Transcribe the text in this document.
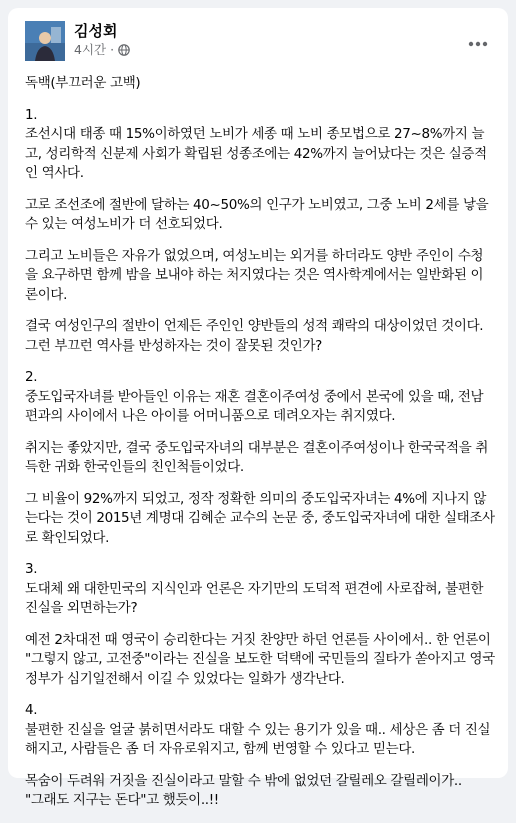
김성회
4시간 ·

독백(부끄러운 고백)

1.

조선시대 태종 때 15%이하였던 노비가 세종 때 노비 종모법으로 27~8%까지 늘고, 성리학적 신분제 사회가 확립된 성종조에는 42%까지 늘어났다는 것은 실증적인 역사다.

고로 조선조에 절반에 달하는 40~50%의 인구가 노비였고, 그중 노비 2세를 낳을 수 있는 여성노비가 더 선호되었다.

그리고 노비들은 자유가 없었으며, 여성노비는 외거를 하더라도 양반 주인이 수청을 요구하면 함께 밤을 보내야 하는 처지였다는 것은 역사학계에서는 일반화된 이론이다.

결국 여성인구의 절반이 언제든 주인인 양반들의 성적 쾌락의 대상이었던 것이다. 그런 부끄런 역사를 반성하자는 것이 잘못된 것인가?

2.

중도입국자녀를 받아들인 이유는 재혼 결혼이주여성 중에서 본국에 있을 때, 전남편과의 사이에서 나은 아이를 어머니품으로 데려오자는 취지였다.

취지는 좋았지만, 결국 중도입국자녀의 대부분은 결혼이주여성이나 한국국적을 취득한 귀화 한국인들의 친인척들이었다.

그 비율이 92%까지 되었고, 정작 정확한 의미의 중도입국자녀는 4%에 지나지 않는다는 것이 2015년 계명대 김혜순 교수의 논문 중, 중도입국자녀에 대한 실태조사로 확인되었다.

3.

도대체 왜 대한민국의 지식인과 언론은 자기만의 도덕적 편견에 사로잡혀, 불편한 진실을 외면하는가?

예전 2차대전 때 영국이 승리한다는 거짓 찬양만 하던 언론들 사이에서.. 한 언론이 "그렇지 않고, 고전중"이라는 진실을 보도한 덕택에 국민들의 질타가 쏟아지고 영국정부가 심기일전해서 이길 수 있었다는 일화가 생각난다.

4.

불편한 진실을 얼굴 붉히면서라도 대할 수 있는 용기가 있을 때.. 세상은 좀 더 진실해지고, 사람들은 좀 더 자유로워지고, 함께 번영할 수 있다고 믿는다.

목숨이 두려워 거짓을 진실이라고 말할 수 밖에 없었던 갈릴레오 갈릴레이가..
"그래도 지구는 돈다"고 했듯이..!!
